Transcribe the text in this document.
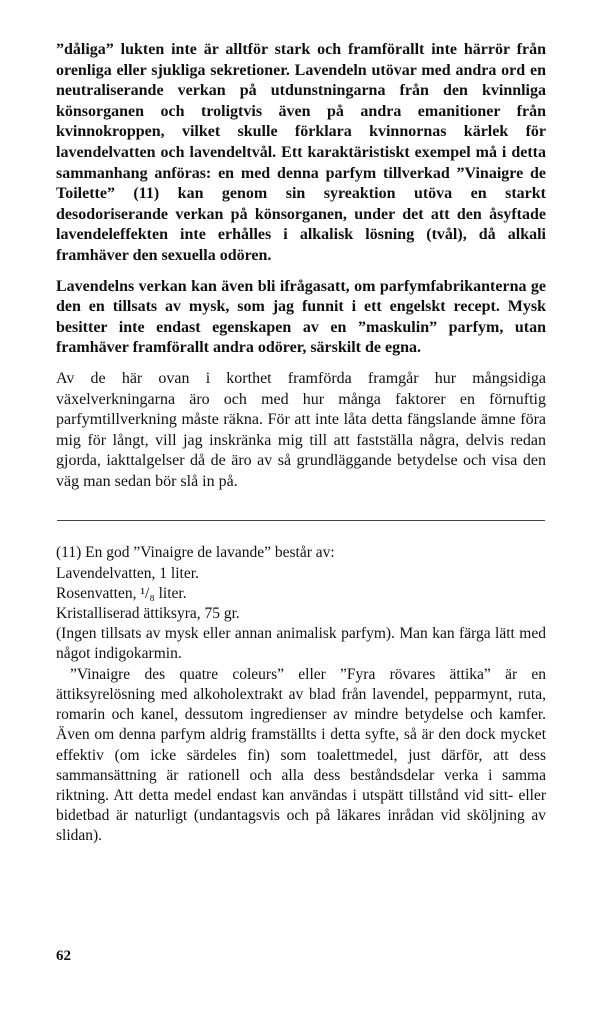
”dåliga” lukten inte är alltför stark och framförallt inte härrör från orenliga eller sjukliga sekretioner. Lavendeln utövar med andra ord en neutraliserande verkan på utdunstningarna från den kvinnliga könsorganen och troligtvis även på andra emanitioner från kvinnokroppen, vilket skulle förklara kvinnornas kärlek för lavendelvatten och lavendeltvål. Ett karaktäristiskt exempel må i detta sammanhang anföras: en med denna parfym tillverkad ”Vinaigre de Toilette” (11) kan genom sin syreaktion utöva en starkt desodoriserande verkan på könsorganen, under det att den åsyftade lavendeleffekten inte erhålles i alkalisk lösning (tvål), då alkali framhäver den sexuella odören.

Lavendelns verkan kan även bli ifrågasatt, om parfymfabrikanterna ge den en tillsats av mysk, som jag funnit i ett engelskt recept. Mysk besitter inte endast egenskapen av en ”maskulin” parfym, utan framhäver framförallt andra odörer, särskilt de egna.

Av de här ovan i korthet framförda framgår hur mångsidiga växelverkningarna äro och med hur många faktorer en förnuftig parfymtillverkning måste räkna. För att inte låta detta fängslande ämne föra mig för långt, vill jag inskränka mig till att fastställa några, delvis redan gjorda, iakttalgelser då de äro av så grundläggande betydelse och visa den väg man sedan bör slå in på.

(11) En god ”Vinaigre de lavande” består av:

Lavendelvatten, 1 liter.

Rosenvatten, ¹/₈ liter.

Kristalliserad ättiksyra, 75 gr.

(Ingen tillsats av mysk eller annan animalisk parfym). Man kan färga lätt med något indigokarmin.

”Vinaigre des quatre coleurs” eller ”Fyra rövares ättika” är en ättiksyrelösning med alkoholextrakt av blad från lavendel, pepparmynt, ruta, romarin och kanel, dessutom ingredienser av mindre betydelse och kamfer. Även om denna parfym aldrig framställts i detta syfte, så är den dock mycket effektiv (om icke särdeles fin) som toalettmedel, just därför, att dess sammansättning är rationell och alla dess beståndsdelar verka i samma riktning. Att detta medel endast kan användas i utspätt tillstånd vid sitt- eller bidetbad är naturligt (undantagsvis och på läkares inrådan vid sköljning av slidan).

62
